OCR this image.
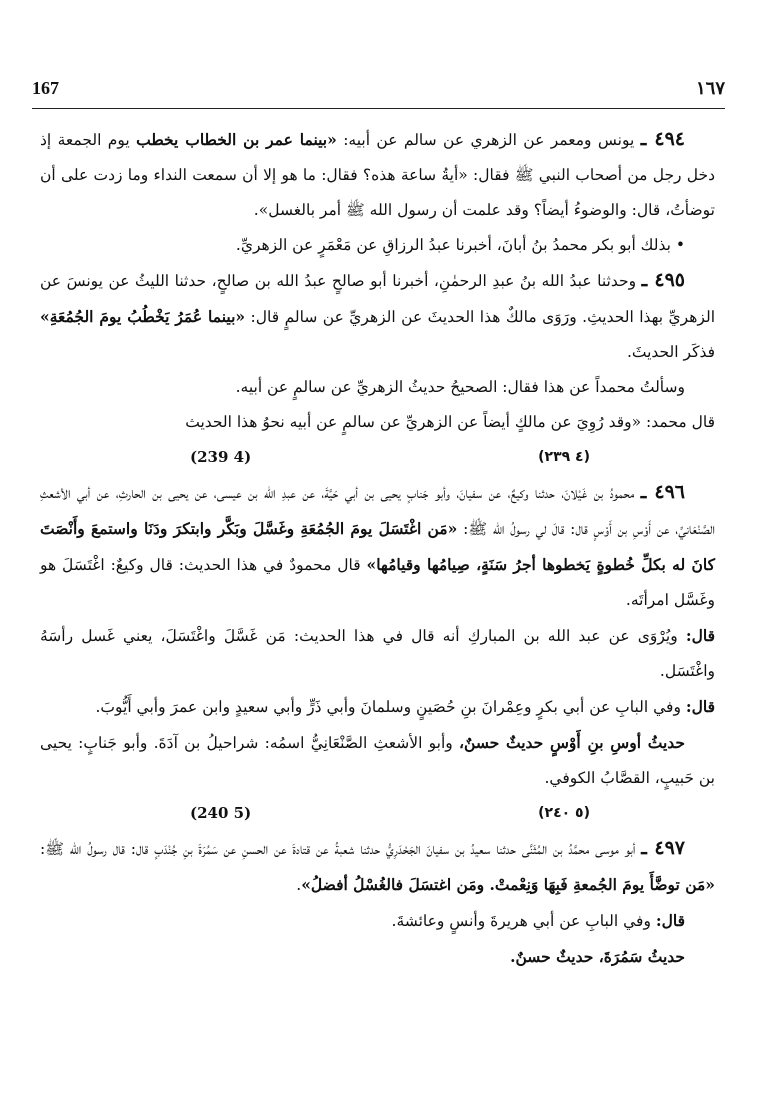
167	١٦٧

٤٩٤ ـ يونس ومعمر عن الزهري عن سالم عن أبيه: «بينما عمر بن الخطاب يخطب يوم الجمعة إذ دخل رجل من أصحاب النبي ﷺ فقال: «أيةُ ساعة هذه؟ فقال: ما هو إلا أن سمعت النداء وما زدت على أن توضأتُ، قال: والوضوءُ أيضاً؟ وقد علمت أن رسول الله ﷺ أمر بالغسل».

• بذلك أبو بكر محمدُ بنُ أبانَ، أخبرنا عبدُ الرزاقِ عن مَعْمَرٍ عن الزهريِّ.

٤٩٥ ـ وحدثنا عبدُ الله بنُ عبدِ الرحمٰنِ، أخبرنا أبو صالحٍ عبدُ الله بن صالحٍ، حدثنا الليثُ عن يونسَ عن الزهريِّ بهذا الحديثِ. ورَوَى مالكٌ هذا الحديثَ عن الزهريِّ عن سالمٍ قال: «بينما عُمَرُ يَخْطُبُ يومَ الجُمُعَةِ» فذكَر الحديثَ.

وسألتُ محمداً عن هذا فقال: الصحيحُ حديثُ الزهريِّ عن سالمٍ عن أبيه.

قال محمد: «وقد رُوِيَ عن مالكٍ أيضاً عن الزهريِّ عن سالمٍ عن أبيه نحوُ هذا الحديث

(239 4)	(٤ ٢٣٩)

٤٩٦ ـ محمودُ بن غَيْلانَ، حدثنا وكيعٌ، عن سفيانَ، وأبو جَنابٍ يحيى بن أبي حَيَّةَ، عن عبدِ الله بن عيسى، عن يحيى بن الحارثِ، عن أبي الأشعثِ الصَّنْعَانيِّ، عن أَوْسِ بن أَوْسٍ قال: قالَ لي رسولُ الله ﷺ: «مَن اغْتَسَلَ يومَ الجُمُعَةِ وغَسَّلَ وبَكَّر وابتكرَ ودَنَا واستمعَ وأَنْصَتَ كانَ له بكلِّ خُطوةٍ يَخطوها أجرُ سَنَةٍ، صِيامُها وقيامُها» قال محمودٌ في هذا الحديث: قال وكيعٌ: اغْتَسَلَ هو وغَسَّل امرأتَه.

قال: ويُرْوَى عن عبد الله بن المباركِ أنه قال في هذا الحديث: مَن غَسَّلَ واغْتَسَلَ، يعني غَسل رأسَهُ واغْتَسَل.

قال: وفي البابِ عن أبي بكرٍ وعِمْرانَ بنِ حُصَينٍ وسلمانَ وأبي ذَرٍّ وأبي سعيدٍ وابن عمرَ وأبي أَيُّوبَ.

حديثُ أوسِ بنِ أَوْسٍ حديثٌ حسنٌ، وأبو الأشعثِ الصَّنْعَانِيُّ اسمُه: شراحيلُ بن آدَةَ. وأبو جَنابٍ: يحيى بن حَبيبٍ، القصَّابُ الكوفي.

(240 5)	(٥ ٢٤٠)

٤٩٧ ـ أبو موسى محمَّدُ بن المُثَنَّى حدثنا سعيدُ بن سفيانَ الجَحْدَرِيُّ حدثنا شعبةُ عن قتادةَ عن الحسنِ عن سَمُرَةَ بنِ جُنْدَبٍ قال: قال رسولُ الله ﷺ: «مَن توضَّأَ يومَ الجُمعةِ فَبِهَا وَنِعْمتْ. ومَن اغتسَلَ فالغُسْلُ أفضلُ».

قال: وفي البابِ عن أبي هريرةَ وأنسٍ وعائشةَ.

حديثُ سَمُرَةَ، حديثٌ حسنٌ.
